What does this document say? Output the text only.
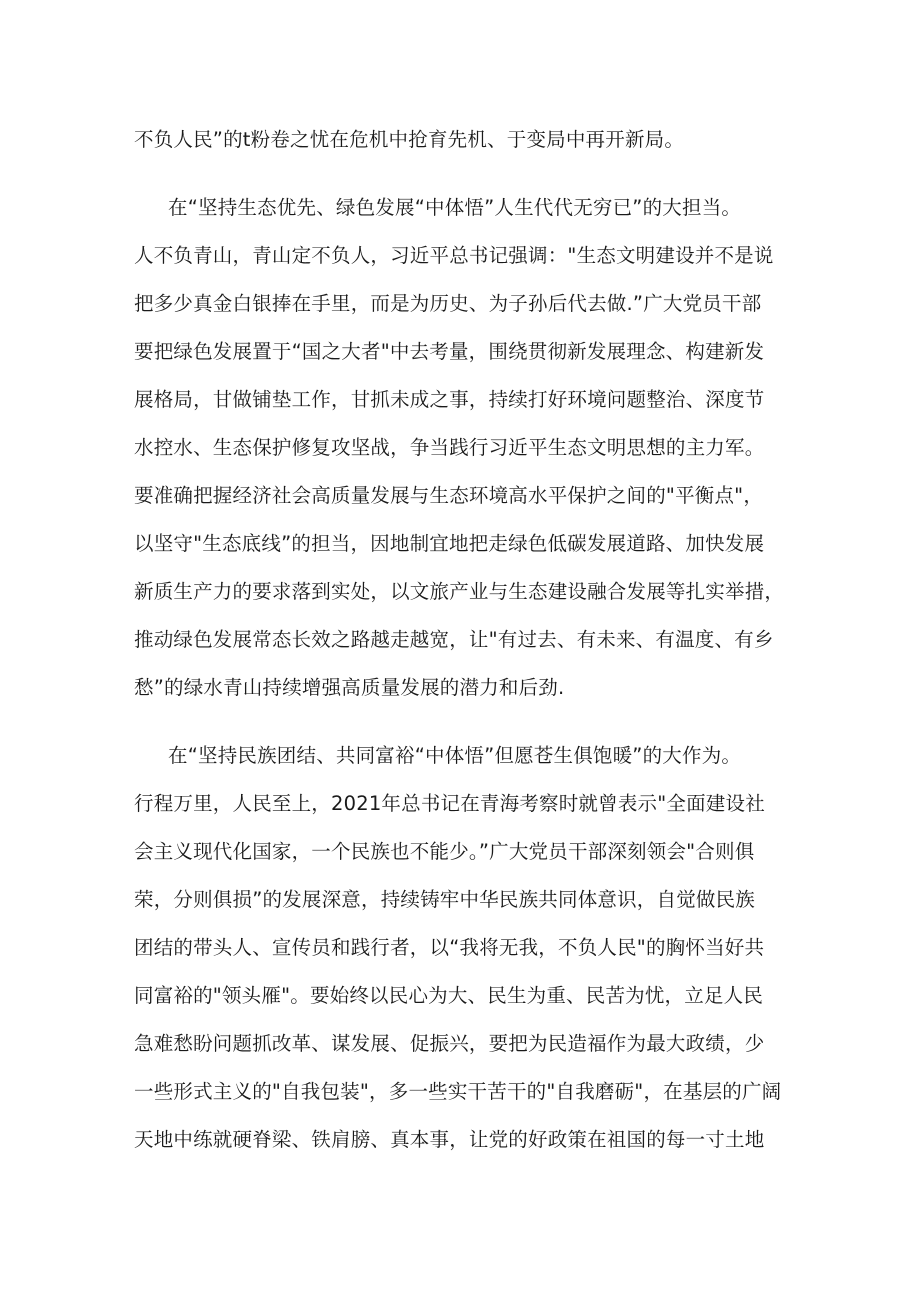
不负人民”的t粉卷之忧在危机中抢育先机、于变局中再开新局。
在“坚持生态优先、绿色发展“中体悟”人生代代无穷已”的大担当。
人不负青山，青山定不负人，习近平总书记强调："生态文明建设并不是说
把多少真金白银捧在手里，而是为历史、为子孙后代去做.”广大党员干部
要把绿色发展置于“国之大者"中去考量，围绕贯彻新发展理念、构建新发
展格局，甘做铺垫工作，甘抓未成之事，持续打好环境问题整治、深度节
水控水、生态保护修复攻坚战，争当践行习近平生态文明思想的主力军。
要准确把握经济社会高质量发展与生态环境高水平保护之间的"平衡点"，
以坚守"生态底线”的担当，因地制宜地把走绿色低碳发展道路、加快发展
新质生产力的要求落到实处，以文旅产业与生态建设融合发展等扎实举措，
推动绿色发展常态长效之路越走越宽，让"有过去、有未来、有温度、有乡
愁”的绿水青山持续增强高质量发展的潜力和后劲.
在“坚持民族团结、共同富裕“中体悟”但愿苍生俱饱暖”的大作为。
行程万里，人民至上，2021年总书记在青海考察时就曾表示"全面建设社
会主义现代化国家，一个民族也不能少。”广大党员干部深刻领会"合则俱
荣，分则俱损”的发展深意，持续铸牢中华民族共同体意识，自觉做民族
团结的带头人、宣传员和践行者，以“我将无我，不负人民"的胸怀当好共
同富裕的"领头雁"。要始终以民心为大、民生为重、民苦为忧，立足人民
急难愁盼问题抓改革、谋发展、促振兴，要把为民造福作为最大政绩，少
一些形式主义的"自我包装"，多一些实干苦干的"自我磨砺"，在基层的广阔
天地中练就硬脊梁、铁肩膀、真本事，让党的好政策在祖国的每一寸土地
